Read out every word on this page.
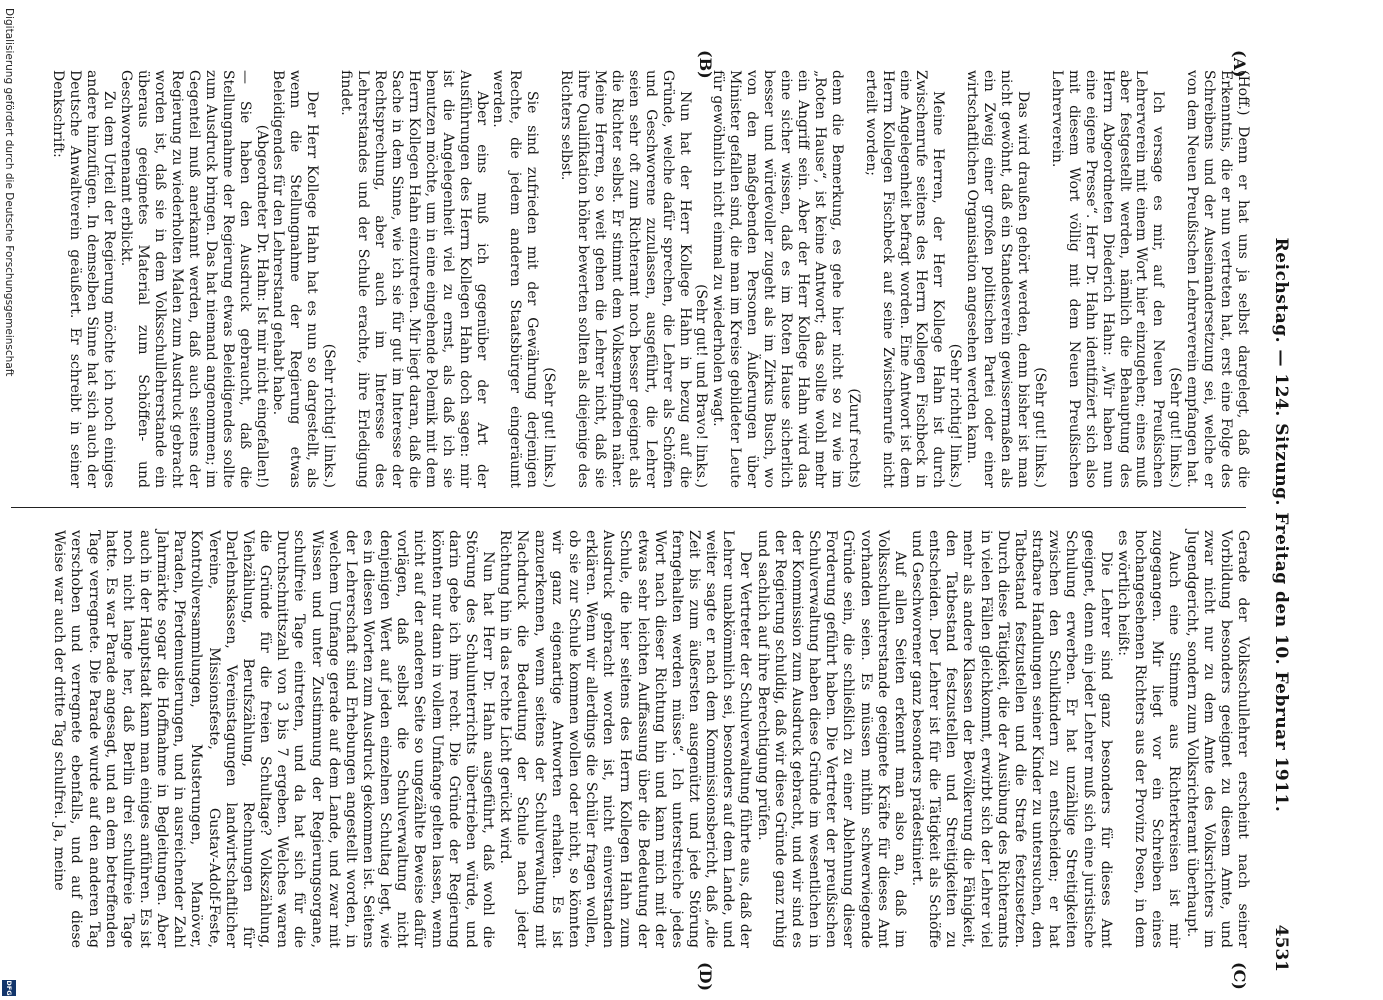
Reichstag. — 124. Sitzung. Freitag den 10. Februar 1911.
4531
(A)
(B)
(C)
(D)

(Hoff.) Denn er hat uns ja selbst dargelegt, daß die Erkenntnis, die er nun vertreten hat, erst eine Folge des Schreibens und der Auseinandersetzung sei, welche er von dem Neuen Preußischen Lehrerverein empfangen hat.

(Sehr gut! links.)

Ich versage es mir, auf den Neuen Preußischen Lehrerverein mit einem Wort hier einzugehen; eines muß aber festgestellt werden, nämlich die Behauptung des Herrn Abgeordneten Diederich Hahn: „Wir haben nun eine eigene Presse“. Herr Dr. Hahn identifiziert sich also mit diesem Wort völlig mit dem Neuen Preußischen Lehrerverein.

(Sehr gut! links.)

Das wird draußen gehört werden, denn bisher ist man nicht gewöhnt, daß ein Standesverein gewissermaßen als ein Zweig einer großen politischen Partei oder einer wirtschaftlichen Organisation angesehen werden kann.

(Sehr richtig! links.)

Meine Herren, der Herr Kollege Hahn ist durch Zwischenrufe seitens des Herrn Kollegen Fischbeck in eine Angelegenheit befragt worden. Eine Antwort ist dem Herrn Kollegen Fischbeck auf seine Zwischenrufe nicht erteilt worden;

(Zuruf rechts)

denn die Bemerkung, es gehe hier nicht so zu wie im „Roten Hause“, ist keine Antwort; das sollte wohl mehr ein Angriff sein. Aber der Herr Kollege Hahn wird das eine sicher wissen, daß es im Roten Hause sicherlich besser und würdevoller zugeht als im Zirkus Busch, wo von den maßgebenden Personen Äußerungen über Minister gefallen sind, die man im Kreise gebildeter Leute für gewöhnlich nicht einmal zu wiederholen wagt.

(Sehr gut! und Bravo! links.)

Nun hat der Herr Kollege Hahn in bezug auf die Gründe, welche dafür sprechen, die Lehrer als Schöffen und Geschworene zuzulassen, ausgeführt, die Lehrer seien sehr oft zum Richteramt noch besser geeignet als die Richter selbst. Er stimmt dem Volksempfinden näher. Meine Herren, so weit gehen die Lehrer nicht, daß sie ihre Qualifikation höher bewerten sollten als diejenige des Richters selbst.

(Sehr gut! links.)

Sie sind zufrieden mit der Gewährung derjenigen Rechte, die jedem anderen Staatsbürger eingeräumt werden.

Aber eins muß ich gegenüber der Art der Ausführungen des Herrn Kollegen Hahn doch sagen: mir ist die Angelegenheit viel zu ernst, als daß ich sie benutzen möchte, um in eine eingehende Polemik mit dem Herrn Kollegen Hahn einzutreten. Mir liegt daran, daß die Sache in dem Sinne, wie ich sie für gut im Interesse der Rechtsprechung, aber auch im Interesse des Lehrerstandes und der Schule erachte, ihre Erledigung findet.

(Sehr richtig! links.)

Der Herr Kollege Hahn hat es nun so dargestellt, als wenn die Stellungnahme der Regierung etwas Beleidigendes für den Lehrerstand gehabt habe.

(Abgeordneter Dr. Hahn: Ist mir nicht eingefallen!)

— Sie haben den Ausdruck gebraucht, daß die Stellungnahme der Regierung etwas Beleidigendes sollte zum Ausdruck bringen. Das hat niemand angenommen; im Gegenteil muß anerkannt werden, daß auch seitens der Regierung zu wiederholten Malen zum Ausdruck gebracht worden ist, daß sie in dem Volksschullehrerstande ein überaus geeignetes Material zum Schöffen- und Geschworenenamt erblickt.

Zu dem Urteil der Regierung möchte ich noch einiges andere hinzufügen. In demselben Sinne hat sich auch der Deutsche Anwaltverein geäußert. Er schreibt in seiner Denkschrift:

Gerade der Volksschullehrer erscheint nach seiner Vorbildung besonders geeignet zu diesem Amte, und zwar nicht nur zu dem Amte des Volksrichters im Jugendgericht, sondern zum Volksrichteramt überhaupt.

Auch eine Stimme aus Richterkreisen ist mir zugegangen. Mir liegt vor ein Schreiben eines hochangesehenen Richters aus der Provinz Posen, in dem es wörtlich heißt:

Die Lehrer sind ganz besonders für dieses Amt geeignet, denn ein jeder Lehrer muß sich eine juristische Schulung erwerben. Er hat unzählige Streitigkeiten zwischen den Schulkindern zu entscheiden; er hat strafbare Handlungen seiner Kinder zu untersuchen, den Tatbestand festzustellen und die Strafe festzusetzen. Durch diese Tätigkeit, die der Ausübung des Richteramts in vielen Fällen gleichkommt, erwirbt sich der Lehrer viel mehr als andere Klassen der Bevölkerung die Fähigkeit, den Tatbestand festzustellen und Streitigkeiten zu entscheiden. Der Lehrer ist für die Tätigkeit als Schöffe und Geschworener ganz besonders prädestiniert.

Auf allen Seiten erkennt man also an, daß im Volksschullehrerstande geeignete Kräfte für dieses Amt vorhanden seien. Es müssen mithin schwerwiegende Gründe sein, die schließlich zu einer Ablehnung dieser Forderung geführt haben. Die Vertreter der preußischen Schulverwaltung haben diese Gründe im wesentlichen in der Kommission zum Ausdruck gebracht, und wir sind es der Regierung schuldig, daß wir diese Gründe ganz ruhig und sachlich auf ihre Berechtigung prüfen.

Der Vertreter der Schulverwaltung führte aus, daß der Lehrer unabkömmlich sei, besonders auf dem Lande, und weiter sagte er nach dem Kommissionsbericht, daß „die Zeit bis zum äußersten ausgenützt und jede Störung ferngehalten werden müsse“. Ich unterstreiche jedes Wort nach dieser Richtung hin und kann mich mit der etwas sehr leichten Auffassung über die Bedeutung der Schule, die hier seitens des Herrn Kollegen Hahn zum Ausdruck gebracht worden ist, nicht einverstanden erklären. Wenn wir allerdings die Schüler fragen wollen, ob sie zur Schule kommen wollen oder nicht, so könnten wir ganz eigenartige Antworten erhalten. Es ist anzuerkennen, wenn seitens der Schulverwaltung mit Nachdruck die Bedeutung der Schule nach jeder Richtung hin in das rechte Licht gerückt wird.

Nun hat Herr Dr. Hahn ausgeführt, daß wohl die Störung des Schulunterrichts übertrieben würde, und darin gebe ich ihm recht. Die Gründe der Regierung könnten nur dann in vollem Umfange gelten lassen, wenn nicht auf der anderen Seite so ungezählte Beweise dafür vorlägen, daß selbst die Schulverwaltung nicht denjenigen Wert auf jeden einzelnen Schultag legt, wie es in diesen Worten zum Ausdruck gekommen ist. Seitens der Lehrerschaft sind Erhebungen angestellt worden, in welchem Umfange gerade auf dem Lande, und zwar mit Wissen und unter Zustimmung der Regierungsorgane, schulfreie Tage eintreten, und da hat sich für die Durchschnittszahl von 3 bis 7 ergeben. Welches waren die Gründe für die freien Schultage? Volkszählung, Viehzählung, Berufszählung, Rechnungen für Darlehnskassen, Vereinstagungen landwirtschaftlicher Vereine, Missionsfeste, Gustav-Adolf-Feste, Kontrollversammlungen, Musterungen, Manöver, Paraden, Pferdemusterungen, und in ausreichender Zahl Jahrmärkte sogar die Hoffnahme in Begleitungen. Aber auch in der Hauptstadt kann man einiges anführen. Es ist noch nicht lange her, daß Berlin drei schulfreie Tage hatte. Es war Parade angesagt, und an dem betreffenden Tage verregnete. Die Parade wurde auf den anderen Tag verschoben und verregnete ebenfalls, und auf diese Weise war auch der dritte Tag schulfrei. Ja, meine

Digitalisierung gefördert durch die Deutsche Forschungsgemeinschaft
DFG
